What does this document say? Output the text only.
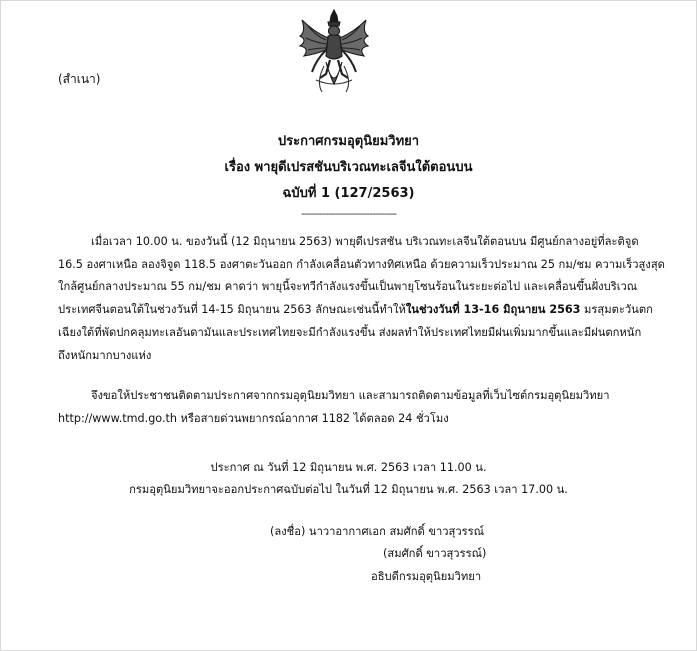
(สำเนา)
ประกาศกรมอุตุนิยมวิทยา
เรื่อง พายุดีเปรสชันบริเวณทะเลจีนใต้ตอนบน
ฉบับที่ 1 (127/2563)
--------------------------------
เมื่อเวลา 10.00 น. ของวันนี้ (12 มิถุนายน 2563) พายุดีเปรสชัน บริเวณทะเลจีนใต้ตอนบน มีศูนย์กลางอยู่ที่ละติจูด
16.5 องศาเหนือ ลองจิจูด 118.5 องศาตะวันออก กำลังเคลื่อนตัวทางทิศเหนือ ด้วยความเร็วประมาณ 25 กม/ชม ความเร็วสูงสุด
ใกล้ศูนย์กลางประมาณ 55 กม/ชม คาดว่า พายุนี้จะทวีกำลังแรงขึ้นเป็นพายุโซนร้อนในระยะต่อไป และเคลื่อนขึ้นฝั่งบริเวณ
ประเทศจีนตอนใต้ในช่วงวันที่ 14-15 มิถุนายน 2563 ลักษณะเช่นนี้ทำให้ในช่วงวันที่ 13-16 มิถุนายน 2563 มรสุมตะวันตก
เฉียงใต้ที่พัดปกคลุมทะเลอันดามันและประเทศไทยจะมีกำลังแรงขึ้น ส่งผลทำให้ประเทศไทยมีฝนเพิ่มมากขึ้นและมีฝนตกหนัก
ถึงหนักมากบางแห่ง
จึงขอให้ประชาชนติดตามประกาศจากกรมอุตุนิยมวิทยา และสามารถติดตามข้อมูลที่เว็บไซต์กรมอุตุนิยมวิทยา
http://www.tmd.go.th หรือสายด่วนพยากรณ์อากาศ 1182 ได้ตลอด 24 ชั่วโมง
ประกาศ ณ วันที่ 12 มิถุนายน พ.ศ. 2563 เวลา 11.00 น.
กรมอุตุนิยมวิทยาจะออกประกาศฉบับต่อไป ในวันที่ 12 มิถุนายน พ.ศ. 2563 เวลา 17.00 น.
(ลงชื่อ) นาวาอากาศเอก สมศักดิ์ ขาวสุวรรณ์
(สมศักดิ์ ขาวสุวรรณ์)
อธิบดีกรมอุตุนิยมวิทยา
